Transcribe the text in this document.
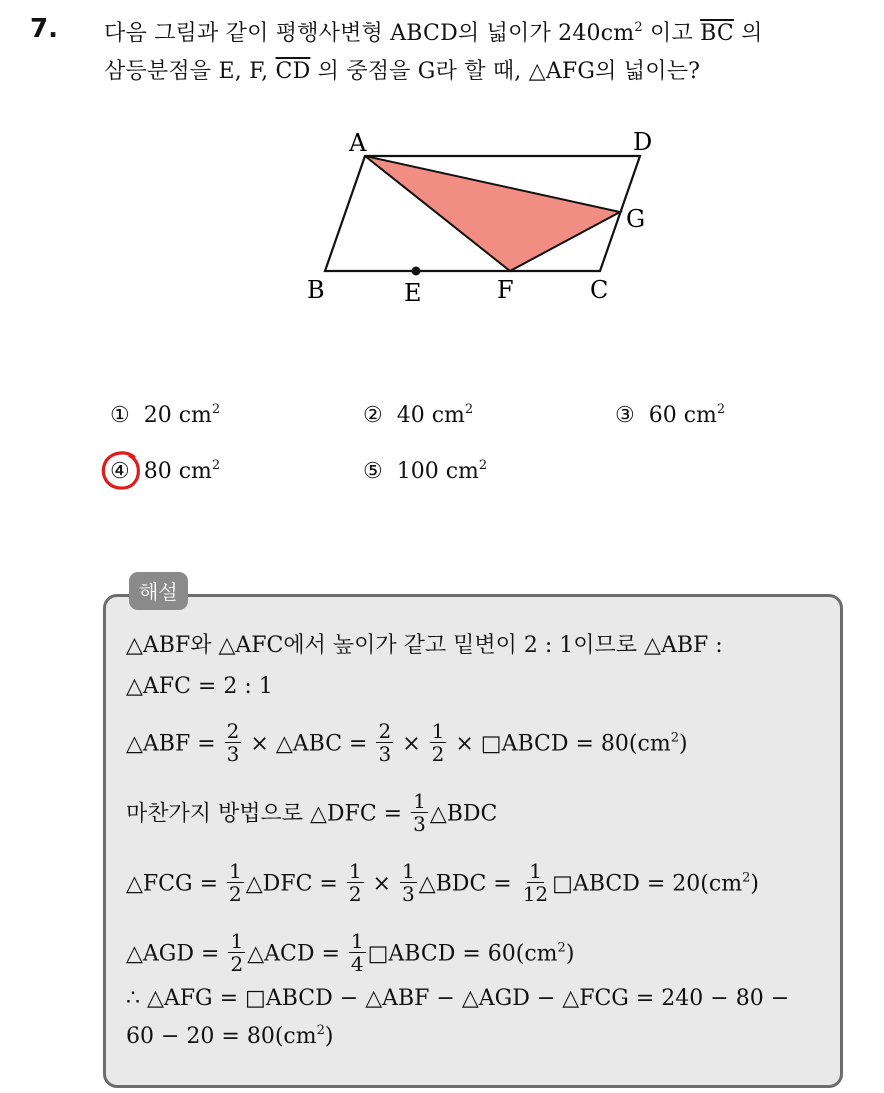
7. 다음 그림과 같이 평행사변형 ABCD의 넓이가 $240cm^2$ 이고 $\overline{BC}$ 의
삼등분점을 E, F, $\overline{CD}$ 의 중점을 G라 할 때, △AFG의 넓이는?
A	D
G
B	E	F	C
① 20 $cm^2$	② 40 $cm^2$	③ 60 $cm^2$
④ 80 $cm^2$	⑤ 100 $cm^2$
해설
△ABF와 △AFC에서 높이가 같고 밑변이 2 : 1이므로 △ABF :
△AFC = 2 : 1
△ABF = $\frac{2}{3}$ × △ABC = $\frac{2}{3} \times \frac{1}{2}$ × □ABCD = $80(cm^2)$
마찬가지 방법으로 △DFC = $\frac{1}{3}$ △BDC
△FCG = $\frac{1}{2}$ △DFC = $\frac{1}{2} \times \frac{1}{3}$ △BDC = $\frac{1}{12}$ □ABCD = $20(cm^2)$
△AGD = $\frac{1}{2}$ △ACD = $\frac{1}{4}$ □ABCD = $60(cm^2)$
∴ △AFG = □ABCD − △ABF − △AGD − △FCG = 240 − 80 −
$60 - 20 = 80(cm^2)$
